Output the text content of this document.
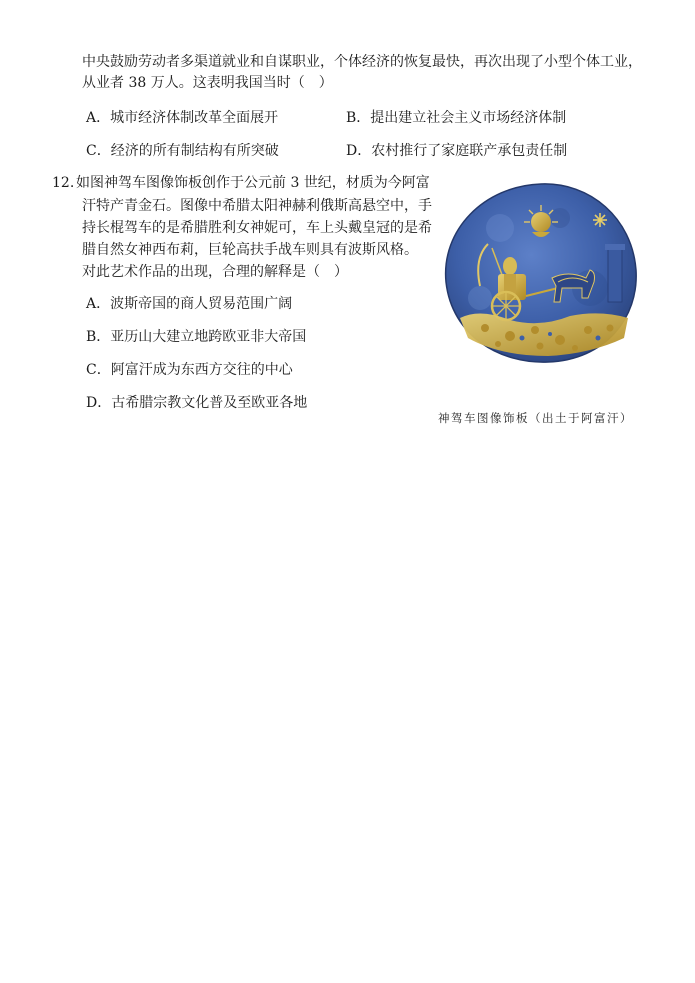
中央鼓励劳动者多渠道就业和自谋职业，个体经济的恢复最快，再次出现了小型个体工业，
从业者 38 万人。这表明我国当时（　）
A．城市经济体制改革全面展开	B．提出建立社会主义市场经济体制
C．经济的所有制结构有所突破	D．农村推行了家庭联产承包责任制
12. 如图神驾车图像饰板创作于公元前 3 世纪，材质为今阿富
汗特产青金石。图像中希腊太阳神赫利俄斯高悬空中，手
持长棍驾车的是希腊胜利女神妮可，车上头戴皇冠的是希
腊自然女神西布莉，巨轮高扶手战车则具有波斯风格。
对此艺术作品的出现，合理的解释是（　）
A．波斯帝国的商人贸易范围广阔
B．亚历山大建立地跨欧亚非大帝国
C．阿富汗成为东西方交往的中心
D．古希腊宗教文化普及至欧亚各地
神驾车图像饰板（出土于阿富汗）
